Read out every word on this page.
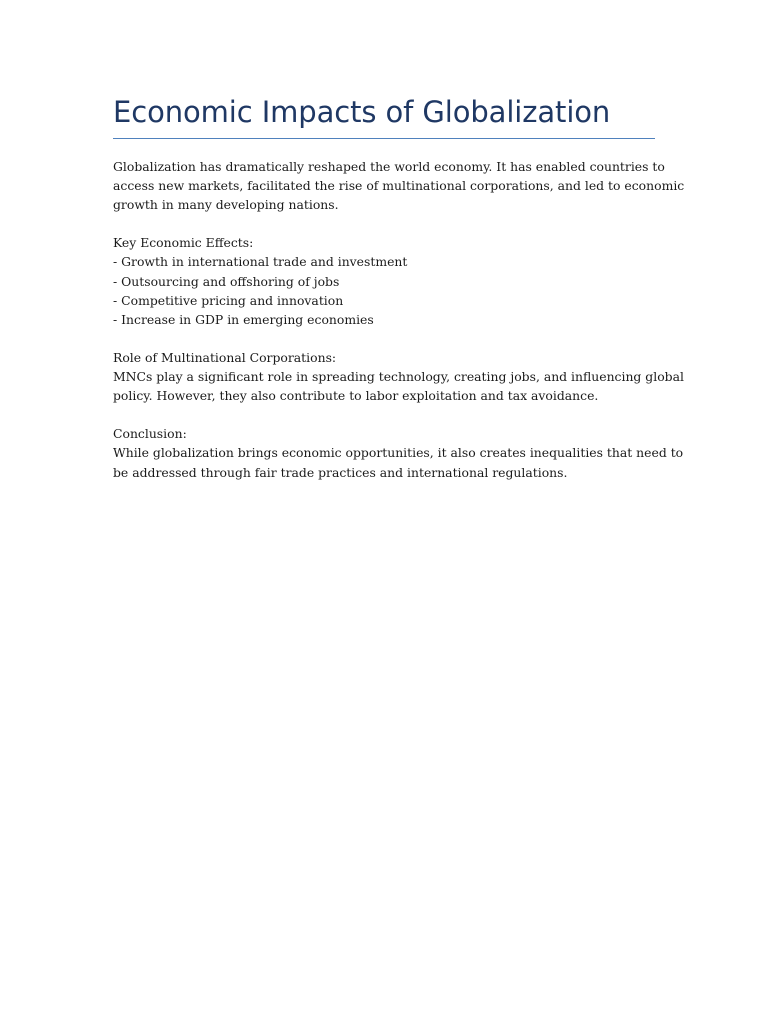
Economic Impacts of Globalization

Globalization has dramatically reshaped the world economy. It has enabled countries to
access new markets, facilitated the rise of multinational corporations, and led to economic
growth in many developing nations.

Key Economic Effects:
- Growth in international trade and investment
- Outsourcing and offshoring of jobs
- Competitive pricing and innovation
- Increase in GDP in emerging economies
Role of Multinational Corporations:
MNCs play a significant role in spreading technology, creating jobs, and influencing global
policy. However, they also contribute to labor exploitation and tax avoidance.
Conclusion:
While globalization brings economic opportunities, it also creates inequalities that need to
be addressed through fair trade practices and international regulations.
